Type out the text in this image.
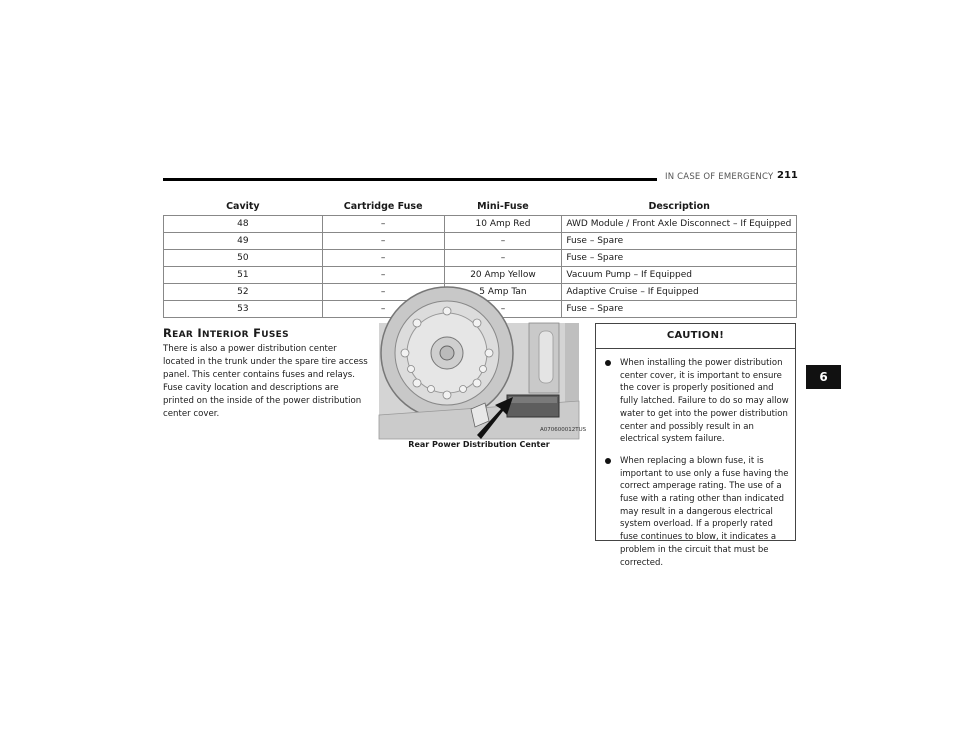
IN CASE OF EMERGENCY 211
Cavity	Cartridge Fuse	Mini-Fuse	Description
48	–	10 Amp Red	AWD Module / Front Axle Disconnect – If Equipped
49	–	–	Fuse – Spare
50	–	–	Fuse – Spare
51	–	20 Amp Yellow	Vacuum Pump – If Equipped
52	–	5 Amp Tan	Adaptive Cruise – If Equipped
53	–	–	Fuse – Spare
REAR INTERIOR FUSES
There is also a power distribution center located in the trunk under the spare tire access panel. This center contains fuses and relays. Fuse cavity location and descriptions are printed on the inside of the power distribution center cover.
A070600012TUS
Rear Power Distribution Center
CAUTION!
When installing the power distribution center cover, it is important to ensure the cover is properly positioned and fully latched. Failure to do so may allow water to get into the power distribution center and possibly result in an electrical system failure.
When replacing a blown fuse, it is important to use only a fuse having the correct amperage rating. The use of a fuse with a rating other than indicated may result in a dangerous electrical system overload. If a properly rated fuse continues to blow, it indicates a problem in the circuit that must be corrected.
6
